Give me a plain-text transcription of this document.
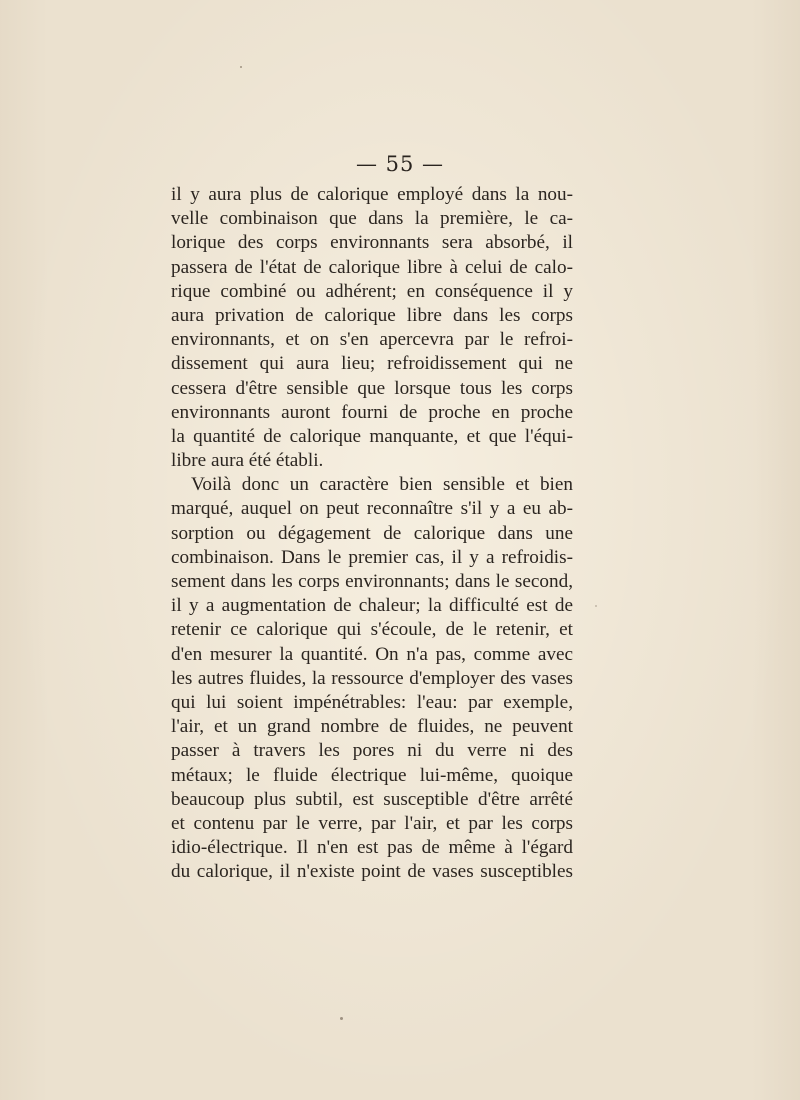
— 55 —
il y aura plus de calorique employé dans la nou-
velle combinaison que dans la première, le ca-
lorique des corps environnants sera absorbé, il
passera de l'état de calorique libre à celui de calo-
rique combiné ou adhérent; en conséquence il y
aura privation de calorique libre dans les corps
environnants, et on s'en apercevra par le refroi-
dissement qui aura lieu; refroidissement qui ne
cessera d'être sensible que lorsque tous les corps
environnants auront fourni de proche en proche
la quantité de calorique manquante, et que l'équi-
libre aura été établi.
Voilà donc un caractère bien sensible et bien
marqué, auquel on peut reconnaître s'il y a eu ab-
sorption ou dégagement de calorique dans une
combinaison. Dans le premier cas, il y a refroidis-
sement dans les corps environnants; dans le second,
il y a augmentation de chaleur; la difficulté est de
retenir ce calorique qui s'écoule, de le retenir, et
d'en mesurer la quantité. On n'a pas, comme avec
les autres fluides, la ressource d'employer des vases
qui lui soient impénétrables: l'eau: par exemple,
l'air, et un grand nombre de fluides, ne peuvent
passer à travers les pores ni du verre ni des
métaux; le fluide électrique lui-même, quoique
beaucoup plus subtil, est susceptible d'être arrêté
et contenu par le verre, par l'air, et par les corps
idio-électrique. Il n'en est pas de même à l'égard
du calorique, il n'existe point de vases susceptibles
